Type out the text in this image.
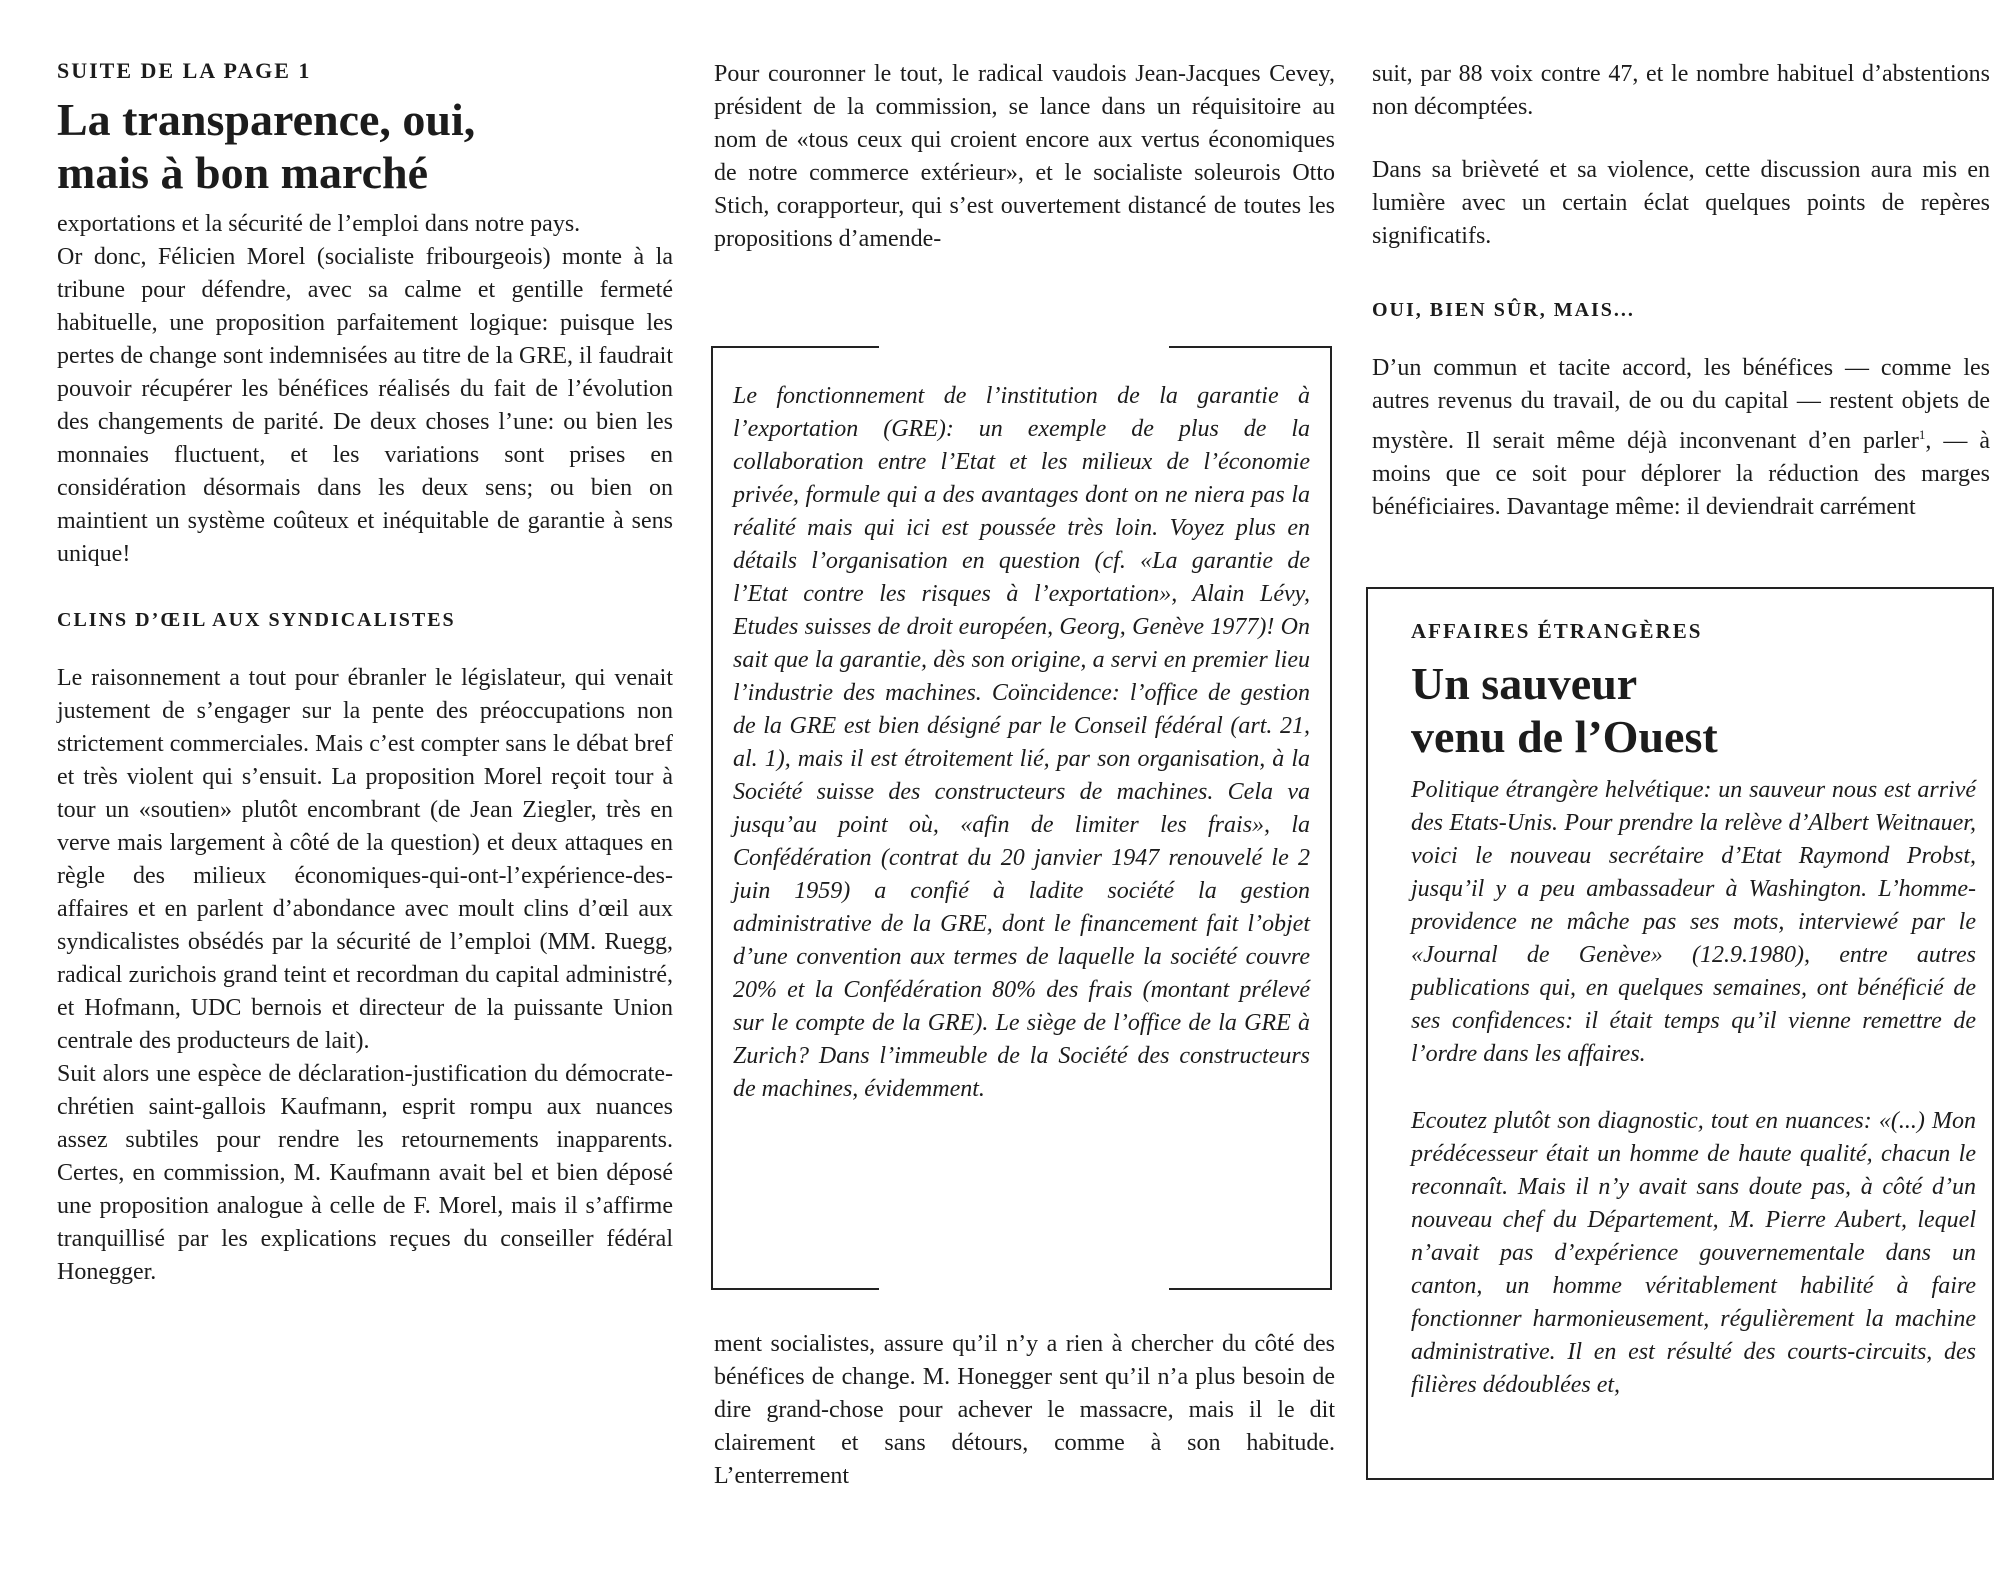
SUITE DE LA PAGE 1

La transparence, oui,
mais à bon marché

exportations et la sécurité de l’emploi dans notre pays.

Or donc, Félicien Morel (socialiste fribourgeois) monte à la tribune pour défendre, avec sa calme et gentille fermeté habituelle, une proposition parfaitement logique: puisque les pertes de change sont indemnisées au titre de la GRE, il faudrait pouvoir récupérer les bénéfices réalisés du fait de l’évolution des changements de parité. De deux choses l’une: ou bien les monnaies fluctuent, et les variations sont prises en considération désormais dans les deux sens; ou bien on maintient un système coûteux et inéquitable de garantie à sens unique!

CLINS D’ŒIL AUX SYNDICALISTES

Le raisonnement a tout pour ébranler le législateur, qui venait justement de s’engager sur la pente des préoccupations non strictement commerciales. Mais c’est compter sans le débat bref et très violent qui s’ensuit. La proposition Morel reçoit tour à tour un «soutien» plutôt encombrant (de Jean Ziegler, très en verve mais largement à côté de la question) et deux attaques en règle des milieux économiques-qui-ont-l’expérience-des-affaires et en parlent d’abondance avec moult clins d’œil aux syndicalistes obsédés par la sécurité de l’emploi (MM. Ruegg, radical zurichois grand teint et recordman du capital administré, et Hofmann, UDC bernois et directeur de la puissante Union centrale des producteurs de lait).

Suit alors une espèce de déclaration-justification du démocrate-chrétien saint-gallois Kaufmann, esprit rompu aux nuances assez subtiles pour rendre les retournements inapparents. Certes, en commission, M. Kaufmann avait bel et bien déposé une proposition analogue à celle de F. Morel, mais il s’affirme tranquillisé par les explications reçues du conseiller fédéral Honegger.

Pour couronner le tout, le radical vaudois Jean-Jacques Cevey, président de la commission, se lance dans un réquisitoire au nom de «tous ceux qui croient encore aux vertus économiques de notre commerce extérieur», et le socialiste soleurois Otto Stich, corapporteur, qui s’est ouvertement distancé de toutes les propositions d’amende-

Le fonctionnement de l’institution de la garantie à l’exportation (GRE): un exemple de plus de la collaboration entre l’Etat et les milieux de l’économie privée, formule qui a des avantages dont on ne niera pas la réalité mais qui ici est poussée très loin. Voyez plus en détails l’organisation en question (cf. «La garantie de l’Etat contre les risques à l’exportation», Alain Lévy, Etudes suisses de droit européen, Georg, Genève 1977)! On sait que la garantie, dès son origine, a servi en premier lieu l’industrie des machines. Coïncidence: l’office de gestion de la GRE est bien désigné par le Conseil fédéral (art. 21, al. 1), mais il est étroitement lié, par son organisation, à la Société suisse des constructeurs de machines. Cela va jusqu’au point où, «afin de limiter les frais», la Confédération (contrat du 20 janvier 1947 renouvelé le 2 juin 1959) a confié à ladite société la gestion administrative de la GRE, dont le financement fait l’objet d’une convention aux termes de laquelle la société couvre 20% et la Confédération 80% des frais (montant prélevé sur le compte de la GRE). Le siège de l’office de la GRE à Zurich? Dans l’immeuble de la Société des constructeurs de machines, évidemment.

ment socialistes, assure qu’il n’y a rien à chercher du côté des bénéfices de change. M. Honegger sent qu’il n’a plus besoin de dire grand-chose pour achever le massacre, mais il le dit clairement et sans détours, comme à son habitude. L’enterrement

suit, par 88 voix contre 47, et le nombre habituel d’abstentions non décomptées.

Dans sa brièveté et sa violence, cette discussion aura mis en lumière avec un certain éclat quelques points de repères significatifs.

OUI, BIEN SÛR, MAIS...

D’un commun et tacite accord, les bénéfices — comme les autres revenus du travail, de ou du capital — restent objets de mystère. Il serait même déjà inconvenant d’en parler$^1$, — à moins que ce soit pour déplorer la réduction des marges bénéficiaires. Davantage même: il deviendrait carrément

AFFAIRES ÉTRANGÈRES

Un sauveur
venu de l’Ouest

Politique étrangère helvétique: un sauveur nous est arrivé des Etats-Unis. Pour prendre la relève d’Albert Weitnauer, voici le nouveau secrétaire d’Etat Raymond Probst, jusqu’il y a peu ambassadeur à Washington. L’homme-providence ne mâche pas ses mots, interviewé par le «Journal de Genève» (12.9.1980), entre autres publications qui, en quelques semaines, ont bénéficié de ses confidences: il était temps qu’il vienne remettre de l’ordre dans les affaires.

Ecoutez plutôt son diagnostic, tout en nuances: «(...) Mon prédécesseur était un homme de haute qualité, chacun le reconnaît. Mais il n’y avait sans doute pas, à côté d’un nouveau chef du Département, M. Pierre Aubert, lequel n’avait pas d’expérience gouvernementale dans un canton, un homme véritablement habilité à faire fonctionner harmonieusement, régulièrement la machine administrative. Il en est résulté des courts-circuits, des filières dédoublées et,
